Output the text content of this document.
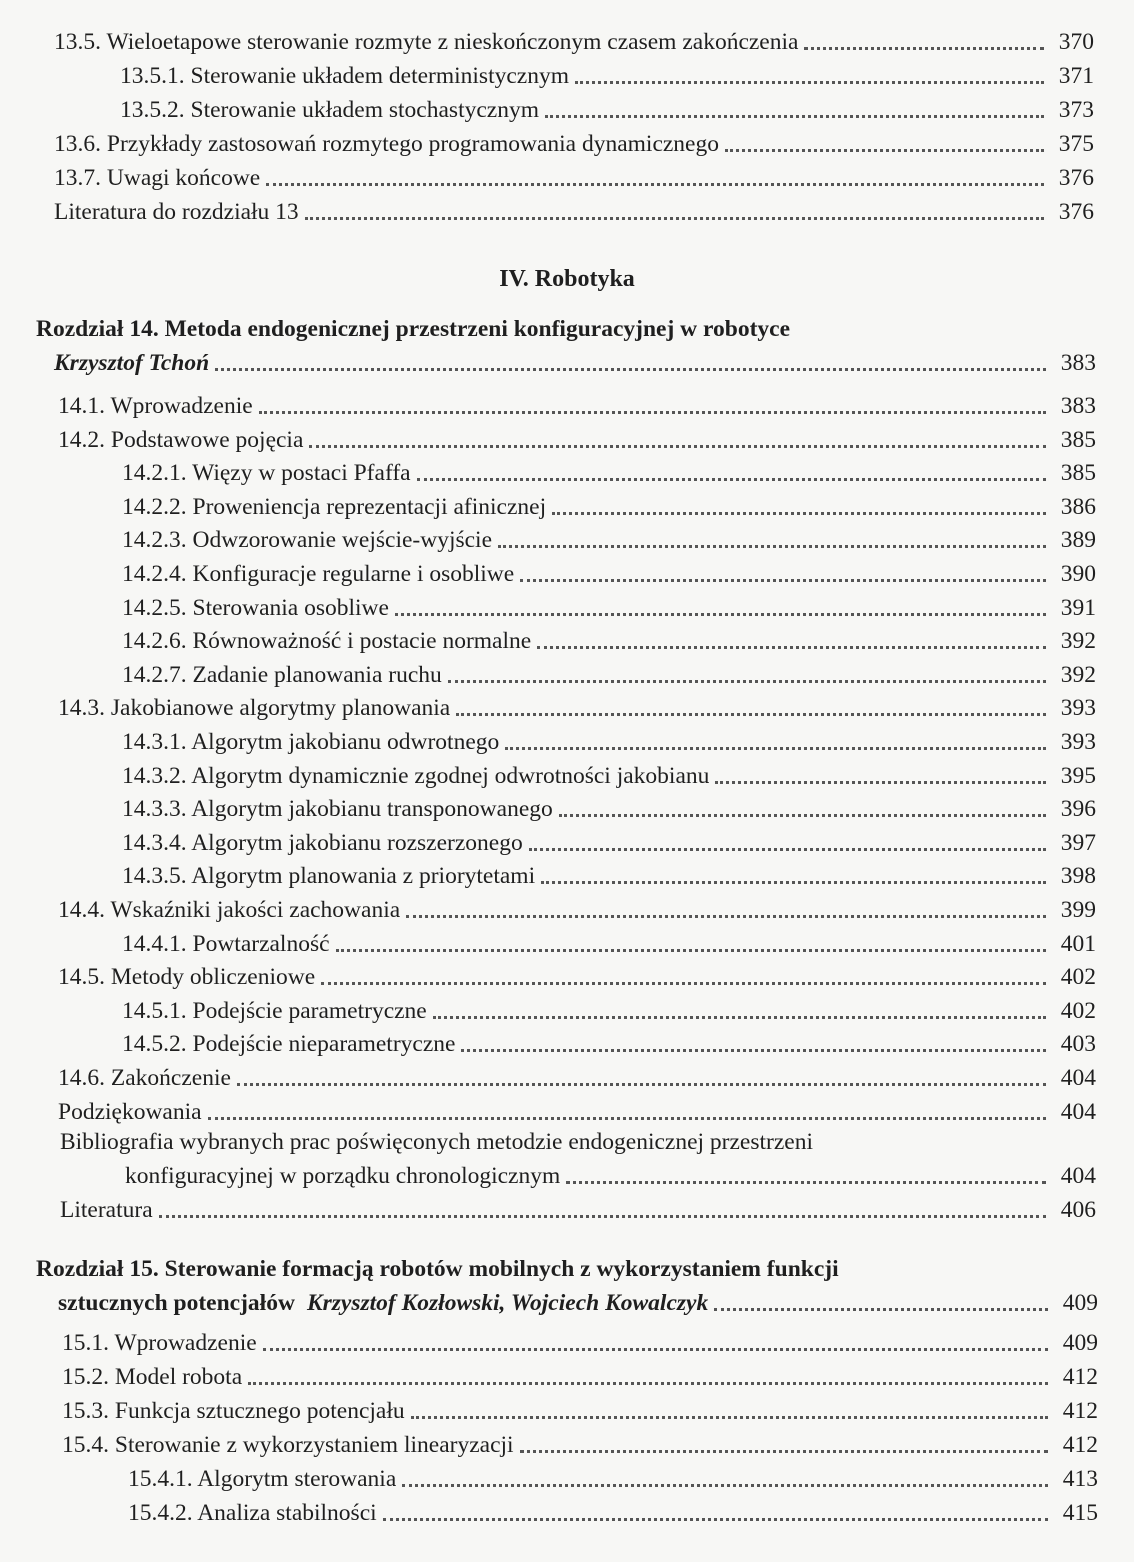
13.5. Wieloetapowe sterowanie rozmyte z nieskończonym czasem zakończenia	370
13.5.1. Sterowanie układem deterministycznym	371
13.5.2. Sterowanie układem stochastycznym	373
13.6. Przykłady zastosowań rozmytego programowania dynamicznego	375
13.7. Uwagi końcowe	376
Literatura do rozdziału 13	376
IV. Robotyka
Rozdział 14. Metoda endogenicznej przestrzeni konfiguracyjnej w robotyce
Krzysztof Tchoń	383
14.1. Wprowadzenie	383
14.2. Podstawowe pojęcia	385
14.2.1. Więzy w postaci Pfaffa	385
14.2.2. Prowenienсja reprezentacji afinicznej	386
14.2.3. Odwzorowanie wejście-wyjście	389
14.2.4. Konfiguracje regularne i osobliwe	390
14.2.5. Sterowania osobliwe	391
14.2.6. Równoważność i postacie normalne	392
14.2.7. Zadanie planowania ruchu	392
14.3. Jakobianowe algorytmy planowania	393
14.3.1. Algorytm jakobianu odwrotnego	393
14.3.2. Algorytm dynamicznie zgodnej odwrotności jakobianu	395
14.3.3. Algorytm jakobianu transponowanego	396
14.3.4. Algorytm jakobianu rozszerzonego	397
14.3.5. Algorytm planowania z priorytetami	398
14.4. Wskaźniki jakości zachowania	399
14.4.1. Powtarzalność	401
14.5. Metody obliczeniowe	402
14.5.1. Podejście parametryczne	402
14.5.2. Podejście nieparametryczne	403
14.6. Zakończenie	404
Podziękowania	404
Bibliografia wybranych prac poświęconych metodzie endogenicznej przestrzeni
konfiguracyjnej w porządku chronologicznym	404
Literatura	406
Rozdział 15. Sterowanie formacją robotów mobilnych z wykorzystaniem funkcji
sztucznych potencjałów Krzysztof Kozłowski, Wojciech Kowalczyk	409
15.1. Wprowadzenie	409
15.2. Model robota	412
15.3. Funkcja sztucznego potencjału	412
15.4. Sterowanie z wykorzystaniem linearyzacji	412
15.4.1. Algorytm sterowania	413
15.4.2. Analiza stabilności	415
